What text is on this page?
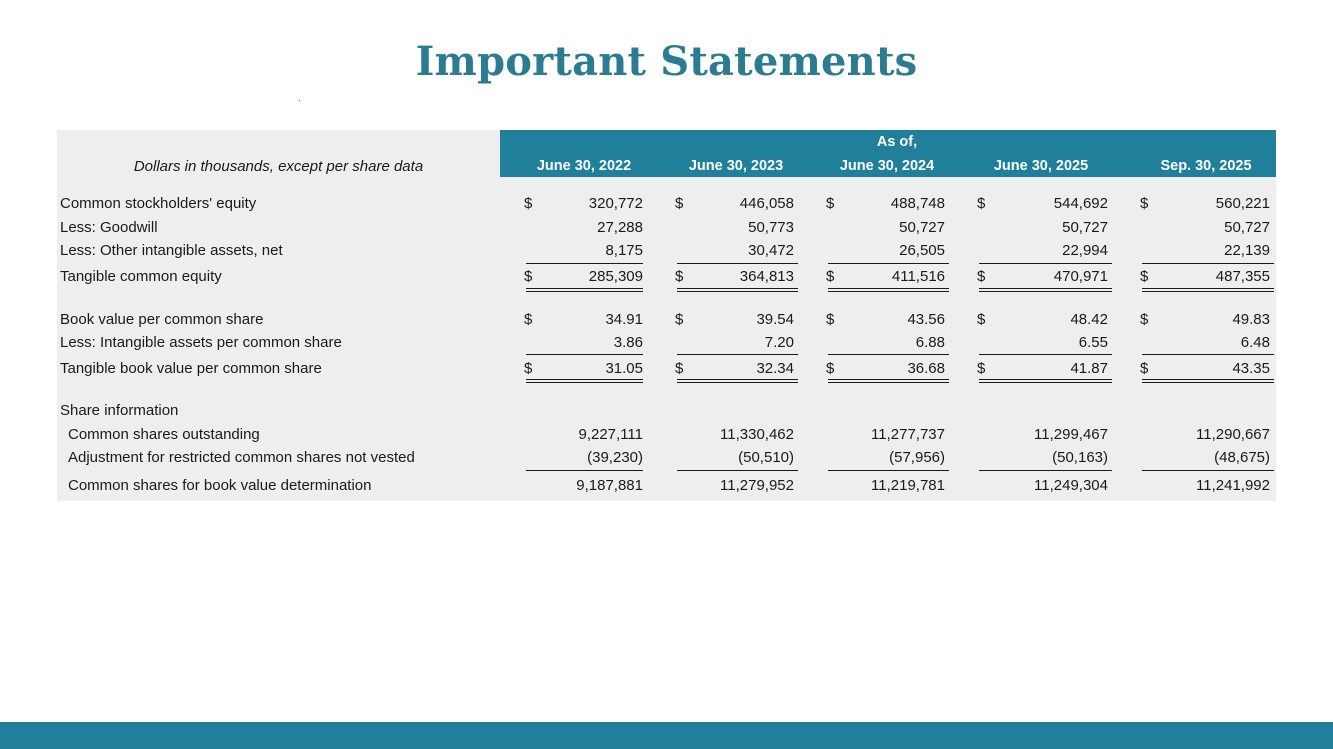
Important Statements
Dollars in thousands, except per share data
As of,
June 30, 2022	June 30, 2023	June 30, 2024	June 30, 2025	Sep. 30, 2025
Common stockholders' equity	$	320,772 $	446,058 $	488,748 $	544,692 $	560,221
Less: Goodwill	27,288	50,773	50,727	50,727	50,727
Less: Other intangible assets, net	8,175	30,472	26,505	22,994	22,139
Tangible common equity	$	285,309 $	364,813 $	411,516 $	470,971 $	487,355
Book value per common share	$	34.91 $	39.54 $	43.56 $	48.42 $	49.83
Less: Intangible assets per common share	3.86	7.20	6.88	6.55	6.48
Tangible book value per common share	$	31.05 $	32.34 $	36.68 $	41.87 $	43.35
Share information
Common shares outstanding	9,227,111	11,330,462	11,277,737	11,299,467	11,290,667
Adjustment for restricted common shares not vested	(39,230)	(50,510)	(57,956)	(50,163)	(48,675)
Common shares for book value determination	9,187,881	11,279,952	11,219,781	11,249,304	11,241,992
